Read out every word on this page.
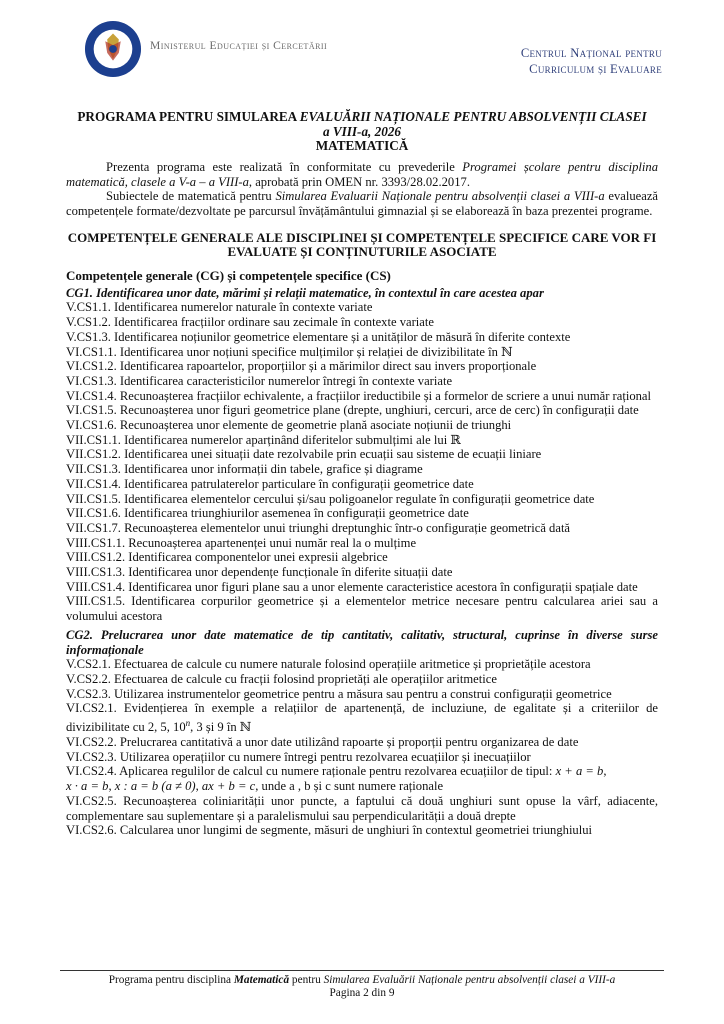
Ministerul Educației și Cercetării
Centrul Național pentru
Curriculum și Evaluare
PROGRAMA PENTRU SIMULAREA EVALUĂRII NAȚIONALE PENTRU ABSOLVENȚII CLASEI
a VIII-a, 2026
MATEMATICĂ

Prezenta programa este realizată în conformitate cu prevederile Programei școlare pentru disciplina matematică, clasele a V-a – a VIII-a, aprobată prin OMEN nr. 3393/28.02.2017.

Subiectele de matematică pentru Simularea Evaluarii Naționale pentru absolvenții clasei a VIII-a evaluează competențele formate/dezvoltate pe parcursul învățământului gimnazial și se elaborează în baza prezentei programe.

COMPETENȚELE GENERALE ALE DISCIPLINEI ȘI COMPETENȚELE SPECIFICE CARE VOR FI EVALUATE ȘI CONȚINUTURILE ASOCIATE
Competențele generale (CG) și competențele specifice (CS)
CG1. Identificarea unor date, mărimi și relații matematice, în contextul în care acestea apar
V.CS1.1. Identificarea numerelor naturale în contexte variate
V.CS1.2. Identificarea fracțiilor ordinare sau zecimale în contexte variate
V.CS1.3. Identificarea noțiunilor geometrice elementare și a unităților de măsură în diferite contexte
VI.CS1.1. Identificarea unor noțiuni specifice mulțimilor și relației de divizibilitate în ℕ
VI.CS1.2. Identificarea rapoartelor, proporțiilor și a mărimilor direct sau invers proporționale
VI.CS1.3. Identificarea caracteristicilor numerelor întregi în contexte variate
VI.CS1.4. Recunoașterea fracțiilor echivalente, a fracțiilor ireductibile și a formelor de scriere a unui număr rațional
VI.CS1.5. Recunoașterea unor figuri geometrice plane (drepte, unghiuri, cercuri, arce de cerc) în configurații date
VI.CS1.6. Recunoașterea unor elemente de geometrie plană asociate noțiunii de triunghi
VII.CS1.1. Identificarea numerelor aparținând diferitelor submulțimi ale lui ℝ
VII.CS1.2. Identificarea unei situații date rezolvabile prin ecuații sau sisteme de ecuații liniare
VII.CS1.3. Identificarea unor informații din tabele, grafice și diagrame
VII.CS1.4. Identificarea patrulaterelor particulare în configurații geometrice date
VII.CS1.5. Identificarea elementelor cercului și/sau poligoanelor regulate în configurații geometrice date
VII.CS1.6. Identificarea triunghiurilor asemenea în configurații geometrice date
VII.CS1.7. Recunoașterea elementelor unui triunghi dreptunghic într-o configurație geometrică dată
VIII.CS1.1. Recunoașterea apartenenței unui număr real la o mulțime
VIII.CS1.2. Identificarea componentelor unei expresii algebrice
VIII.CS1.3. Identificarea unor dependențe funcționale în diferite situații date
VIII.CS1.4. Identificarea unor figuri plane sau a unor elemente caracteristice acestora în configurații spațiale date
VIII.CS1.5. Identificarea corpurilor geometrice și a elementelor metrice necesare pentru calcularea ariei sau a volumului acestora
CG2. Prelucrarea unor date matematice de tip cantitativ, calitativ, structural, cuprinse în diverse surse informaționale
V.CS2.1. Efectuarea de calcule cu numere naturale folosind operațiile aritmetice și proprietățile acestora
V.CS2.2. Efectuarea de calcule cu fracții folosind proprietăți ale operațiilor aritmetice
V.CS2.3. Utilizarea instrumentelor geometrice pentru a măsura sau pentru a construi configurații geometrice
VI.CS2.1. Evidențierea în exemple a relațiilor de apartenență, de incluziune, de egalitate și a criteriilor de divizibilitate cu 2, 5, 10$^n$, 3 și 9 în ℕ
VI.CS2.2. Prelucrarea cantitativă a unor date utilizând rapoarte și proporții pentru organizarea de date
VI.CS2.3. Utilizarea operațiilor cu numere întregi pentru rezolvarea ecuațiilor și inecuațiilor
VI.CS2.4. Aplicarea regulilor de calcul cu numere raționale pentru rezolvarea ecuațiilor de tipul: x + a = b,
x · a = b, x : a = b (a ≠ 0), ax + b = c, unde a , b și c sunt numere raționale
VI.CS2.5. Recunoașterea coliniarității unor puncte, a faptului că două unghiuri sunt opuse la vârf, adiacente, complementare sau suplementare și a paralelismului sau perpendicularității a două drepte
VI.CS2.6. Calcularea unor lungimi de segmente, măsuri de unghiuri în contextul geometriei triunghiului
Programa pentru disciplina Matematică pentru Simularea Evaluării Naționale pentru absolvenții clasei a VIII-a
Pagina 2 din 9
